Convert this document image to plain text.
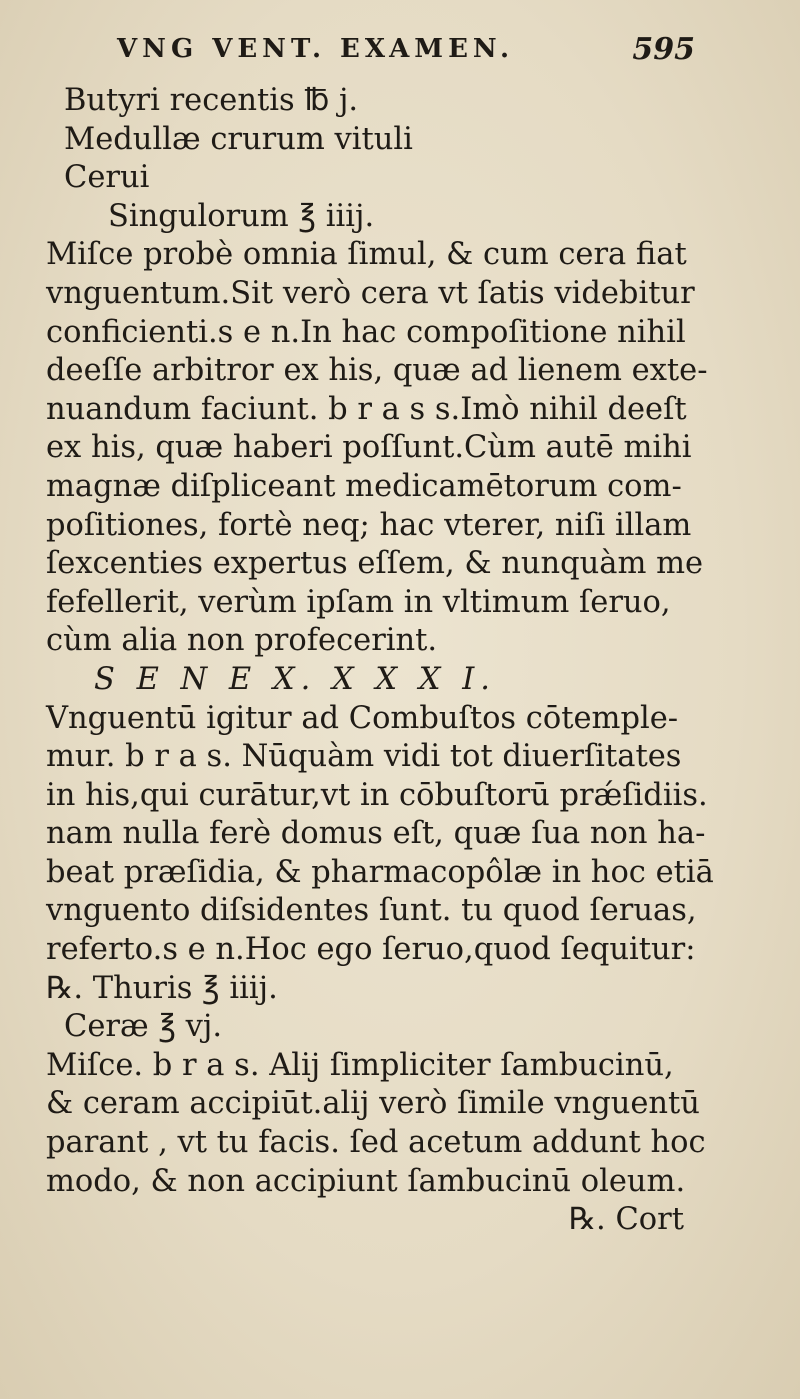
VNG VENT. EXAMEN.	595
Butyri recentis ℔ j.
Medullæ crurum vituli
Cerui
Singulorum ℥ iiij.
Miſce probè omnia ſimul, & cum cera fiat
vnguentum.Sit verò cera vt ſatis videbitur
conficienti.s e n.In hac compoſitione nihil
deeſſe arbitror ex his, quæ ad lienem exte-
nuandum faciunt. b r a s s.Imò nihil deeſt
ex his, quæ haberi poſſunt.Cùm autē mihi
magnæ diſpliceant medicamētorum com-
poſitiones, fortè neq; hac vterer, niſi illam
ſexcenties expertus eſſem, & nunquàm me
fefellerit, verùm ipſam in vltimum ſeruo,
cùm alia non profecerint.
S E N E X. X X X I.
Vnguentū igitur ad Combuſtos cōtemple-
mur. b r a s. Nūquàm vidi tot diuerſitates
in his,qui curātur,vt in cōbuſtorū prǽſidiis.
nam nulla ferè domus eſt, quæ ſua non ha-
beat præſidia, & pharmacopôlæ in hoc etiā
vnguento diſsidentes ſunt. tu quod ſeruas,
referto.s e n.Hoc ego ſeruo,quod ſequitur:
℞. Thuris ℥ iiij.
Ceræ ℥ vj.
Miſce. b r a s. Alij ſimpliciter ſambucinū,
& ceram accipiūt.alij verò ſimile vnguentū
parant , vt tu facis. ſed acetum addunt hoc
modo, & non accipiunt ſambucinū oleum.
℞. Cort
